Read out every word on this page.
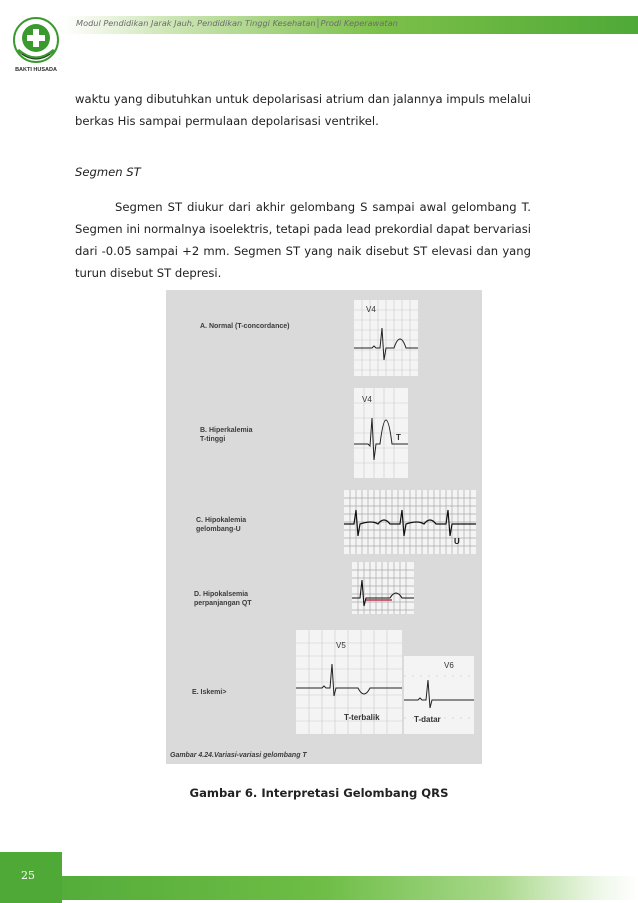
Modul Pendidikan Jarak Jauh, Pendidikan Tinggi Kesehatan│Prodi Keperawatan
BAKTI HUSADA
waktu yang dibutuhkan untuk depolarisasi atrium dan jalannya impuls melalui berkas His sampai permulaan depolarisasi ventrikel.
Segmen ST
Segmen ST diukur dari akhir gelombang S sampai awal gelombang T. Segmen ini normalnya isoelektris, tetapi pada lead prekordial dapat bervariasi dari -0.05 sampai +2 mm. Segmen ST yang naik disebut ST elevasi dan yang turun disebut ST depresi.
A. Normal (T-concordance)
B. Hiperkalemia
T-tinggi
C. Hipokalemia
gelombang-U
D. Hipokalsemia
perpanjangan QT
E. Iskemi>
V4
V4
T
U
V5
T-terbalik
V6
T-datar
Gambar 4.24.Variasi-variasi gelombang T
Gambar 6. Interpretasi Gelombang QRS
25
